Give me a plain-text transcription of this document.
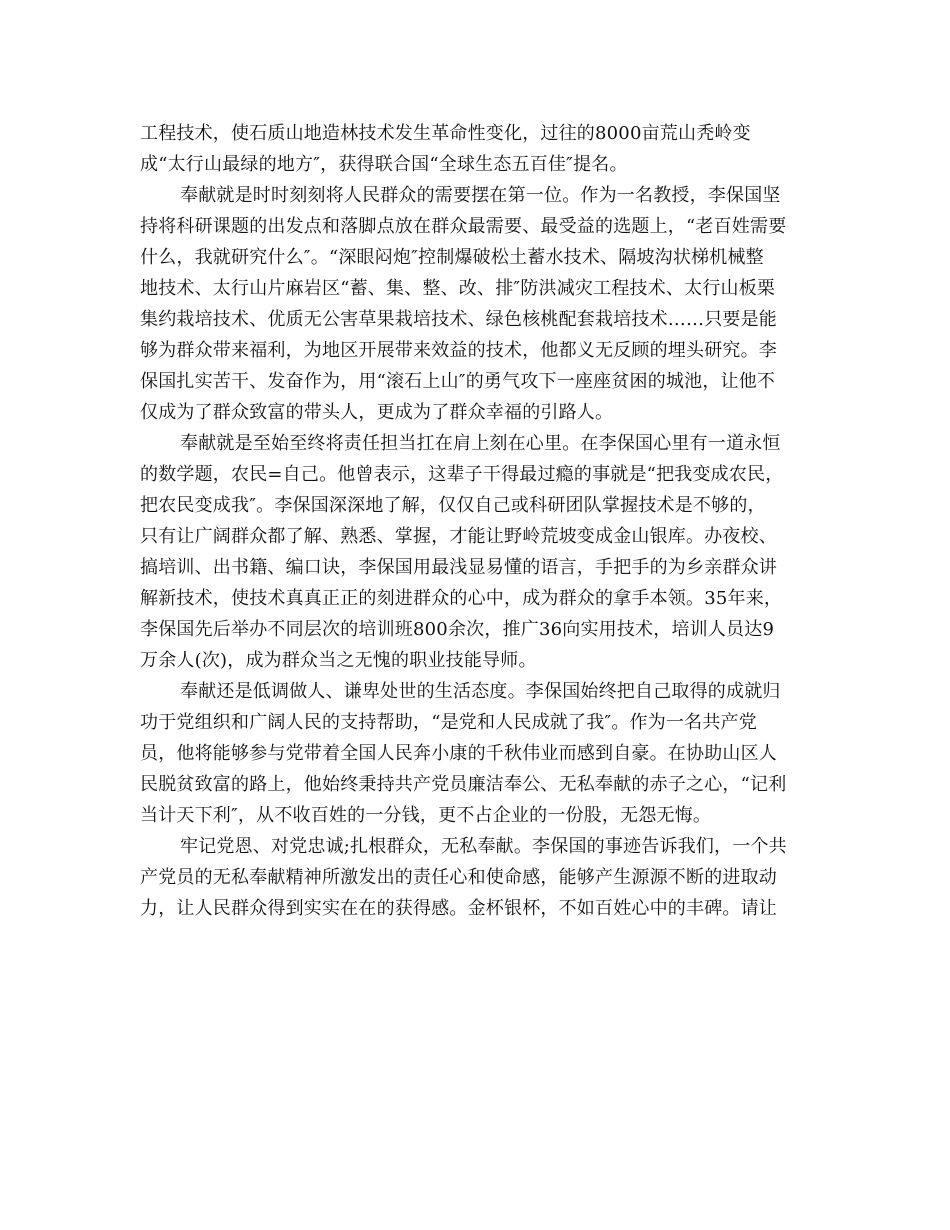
工程技术，使石质山地造林技术发生革命性变化，过往的8000亩荒山秃岭变
成“太行山最绿的地方″，获得联合国“全球生态五百佳″提名。
奉献就是时时刻刻将人民群众的需要摆在第一位。作为一名教授，李保国坚
持将科研课题的出发点和落脚点放在群众最需要、最受益的选题上，“老百姓需要
什么，我就研究什么″。“深眼闷炮″控制爆破松土蓄水技术、隔坡沟状梯机械整
地技术、太行山片麻岩区“蓄、集、整、改、排″防洪减灾工程技术、太行山板栗
集约栽培技术、优质无公害草果栽培技术、绿色核桃配套栽培技术……只要是能
够为群众带来福利，为地区开展带来效益的技术，他都义无反顾的埋头研究。李
保国扎实苦干、发奋作为，用“滚石上山″的勇气攻下一座座贫困的城池，让他不
仅成为了群众致富的带头人，更成为了群众幸福的引路人。
奉献就是至始至终将责任担当扛在肩上刻在心里。在李保国心里有一道永恒
的数学题，农民=自己。他曾表示，这辈子干得最过瘾的事就是“把我变成农民，
把农民变成我″。李保国深深地了解，仅仅自己或科研团队掌握技术是不够的，
只有让广阔群众都了解、熟悉、掌握，才能让野岭荒坡变成金山银库。办夜校、
搞培训、出书籍、编口诀，李保国用最浅显易懂的语言，手把手的为乡亲群众讲
解新技术，使技术真真正正的刻进群众的心中，成为群众的拿手本领。35年来，
李保国先后举办不同层次的培训班800余次，推广36向实用技术，培训人员达9
万余人(次)，成为群众当之无愧的职业技能导师。
奉献还是低调做人、谦卑处世的生活态度。李保国始终把自己取得的成就归
功于党组织和广阔人民的支持帮助，“是党和人民成就了我″。作为一名共产党
员，他将能够参与党带着全国人民奔小康的千秋伟业而感到自豪。在协助山区人
民脱贫致富的路上，他始终秉持共产党员廉洁奉公、无私奉献的赤子之心，“记利
当计天下利″，从不收百姓的一分钱，更不占企业的一份股，无怨无悔。
牢记党恩、对党忠诚;扎根群众，无私奉献。李保国的事迹告诉我们，一个共
产党员的无私奉献精神所激发出的责任心和使命感，能够产生源源不断的进取动
力，让人民群众得到实实在在的获得感。金杯银杯，不如百姓心中的丰碑。请让
